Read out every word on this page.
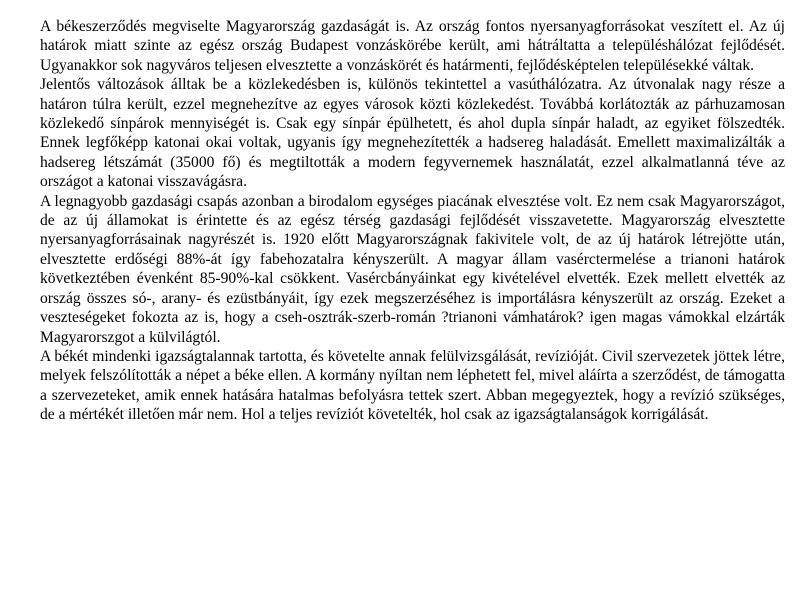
A békeszerződés megviselte Magyarország gazdaságát is. Az ország fontos nyersanyagforrásokat veszített el. Az új határok miatt szinte az egész ország Budapest vonzáskörébe került, ami hátráltatta a településhálózat fejlődését. Ugyanakkor sok nagyváros teljesen elvesztette a vonzáskörét és határmenti, fejlődésképtelen településekké váltak.

Jelentős változások álltak be a közlekedésben is, különös tekintettel a vasúthálózatra. Az útvonalak nagy része a határon túlra került, ezzel megnehezítve az egyes városok közti közlekedést. Továbbá korlátozták az párhuzamosan közlekedő sínpárok mennyiségét is. Csak egy sínpár épülhetett, és ahol dupla sínpár haladt, az egyiket fölszedték. Ennek legfőképp katonai okai voltak, ugyanis így megnehezítették a hadsereg haladását. Emellett maximalizálták a hadsereg létszámát (35000 fő) és megtiltották a modern fegyvernemek használatát, ezzel alkalmatlanná téve az országot a katonai visszavágásra.

A legnagyobb gazdasági csapás azonban a birodalom egységes piacának elvesztése volt. Ez nem csak Magyarországot, de az új államokat is érintette és az egész térség gazdasági fejlődését visszavetette. Magyarország elvesztette nyersanyagforrásainak nagyrészét is. 1920 előtt Magyarországnak fakivitele volt, de az új határok létrejötte után, elvesztette erdőségi 88%-át így fabehozatalra kényszerült. A magyar állam vasérctermelése a trianoni határok következtében évenként 85-90%-kal csökkent. Vasércbányáinkat egy kivételével elvették. Ezek mellett elvették az ország összes só-, arany- és ezüstbányáit, így ezek megszerzéséhez is importálásra kényszerült az ország. Ezeket a veszteségeket fokozta az is, hogy a cseh-osztrák-szerb-román ?trianoni vámhatárok? igen magas vámokkal elzárták Magyarorszgot a külvilágtól.

A békét mindenki igazságtalannak tartotta, és követelte annak felülvizsgálását, revízióját. Civil szervezetek jöttek létre, melyek felszólították a népet a béke ellen. A kormány nyíltan nem léphetett fel, mivel aláírta a szerződést, de támogatta a szervezeteket, amik ennek hatására hatalmas befolyásra tettek szert. Abban megegyeztek, hogy a revízió szükséges, de a mértékét illetően már nem. Hol a teljes revíziót követelték, hol csak az igazságtalanságok korrigálását.
